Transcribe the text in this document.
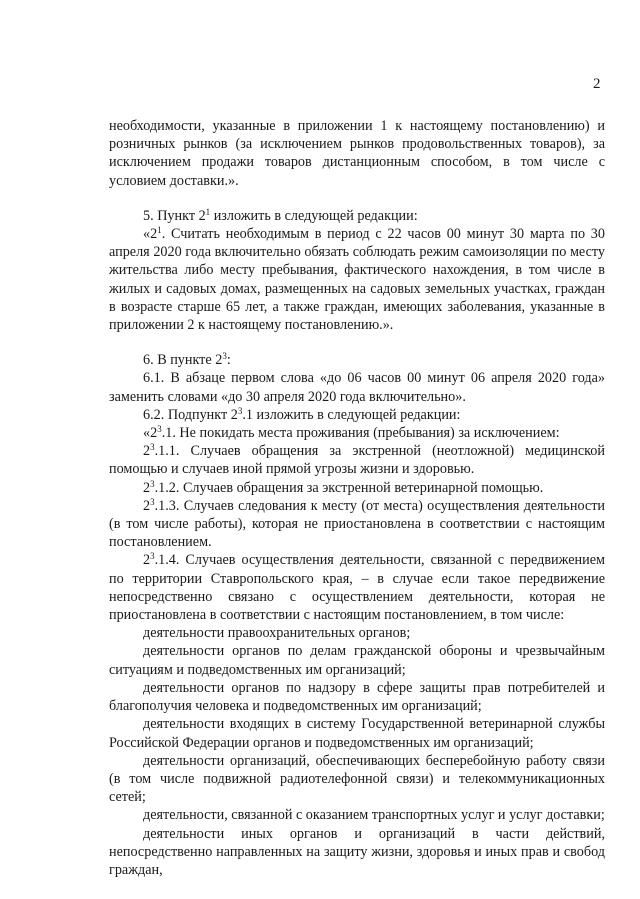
2

необходимости, указанные в приложении 1 к настоящему постановлению) и розничных рынков (за исключением рынков продовольственных товаров), за исключением продажи товаров дистанционным способом, в том числе с условием доставки.».

5. Пункт $2^1$ изложить в следующей редакции:

«$2^1$. Считать необходимым в период с 22 часов 00 минут 30 марта по 30 апреля 2020 года включительно обязать соблюдать режим самоизоляции по месту жительства либо месту пребывания, фактического нахождения, в том числе в жилых и садовых домах, размещенных на садовых земельных участках, граждан в возрасте старше 65 лет, а также граждан, имеющих заболевания, указанные в приложении 2 к настоящему постановлению.».

6. В пункте $2^3$:

6.1. В абзаце первом слова «до 06 часов 00 минут 06 апреля 2020 года» заменить словами «до 30 апреля 2020 года включительно».

6.2. Подпункт $2^3.1$ изложить в следующей редакции:

«$2^3.1$. Не покидать места проживания (пребывания) за исключением:

$2^3.1.1$. Случаев обращения за экстренной (неотложной) медицинской помощью и случаев иной прямой угрозы жизни и здоровью.

$2^3.1.2$. Случаев обращения за экстренной ветеринарной помощью.

$2^3.1.3$. Случаев следования к месту (от места) осуществления деятельности (в том числе работы), которая не приостановлена в соответствии с настоящим постановлением.

$2^3.1.4$. Случаев осуществления деятельности, связанной с передвижением по территории Ставропольского края, – в случае если такое передвижение непосредственно связано с осуществлением деятельности, которая не приостановлена в соответствии с настоящим постановлением, в том числе:

деятельности правоохранительных органов;

деятельности органов по делам гражданской обороны и чрезвычайным ситуациям и подведомственных им организаций;

деятельности органов по надзору в сфере защиты прав потребителей и благополучия человека и подведомственных им организаций;

деятельности входящих в систему Государственной ветеринарной службы Российской Федерации органов и подведомственных им организаций;

деятельности организаций, обеспечивающих бесперебойную работу связи (в том числе подвижной радиотелефонной связи) и телекоммуникационных сетей;

деятельности, связанной с оказанием транспортных услуг и услуг доставки;

деятельности иных органов и организаций в части действий, непосредственно направленных на защиту жизни, здоровья и иных прав и свобод граждан,
